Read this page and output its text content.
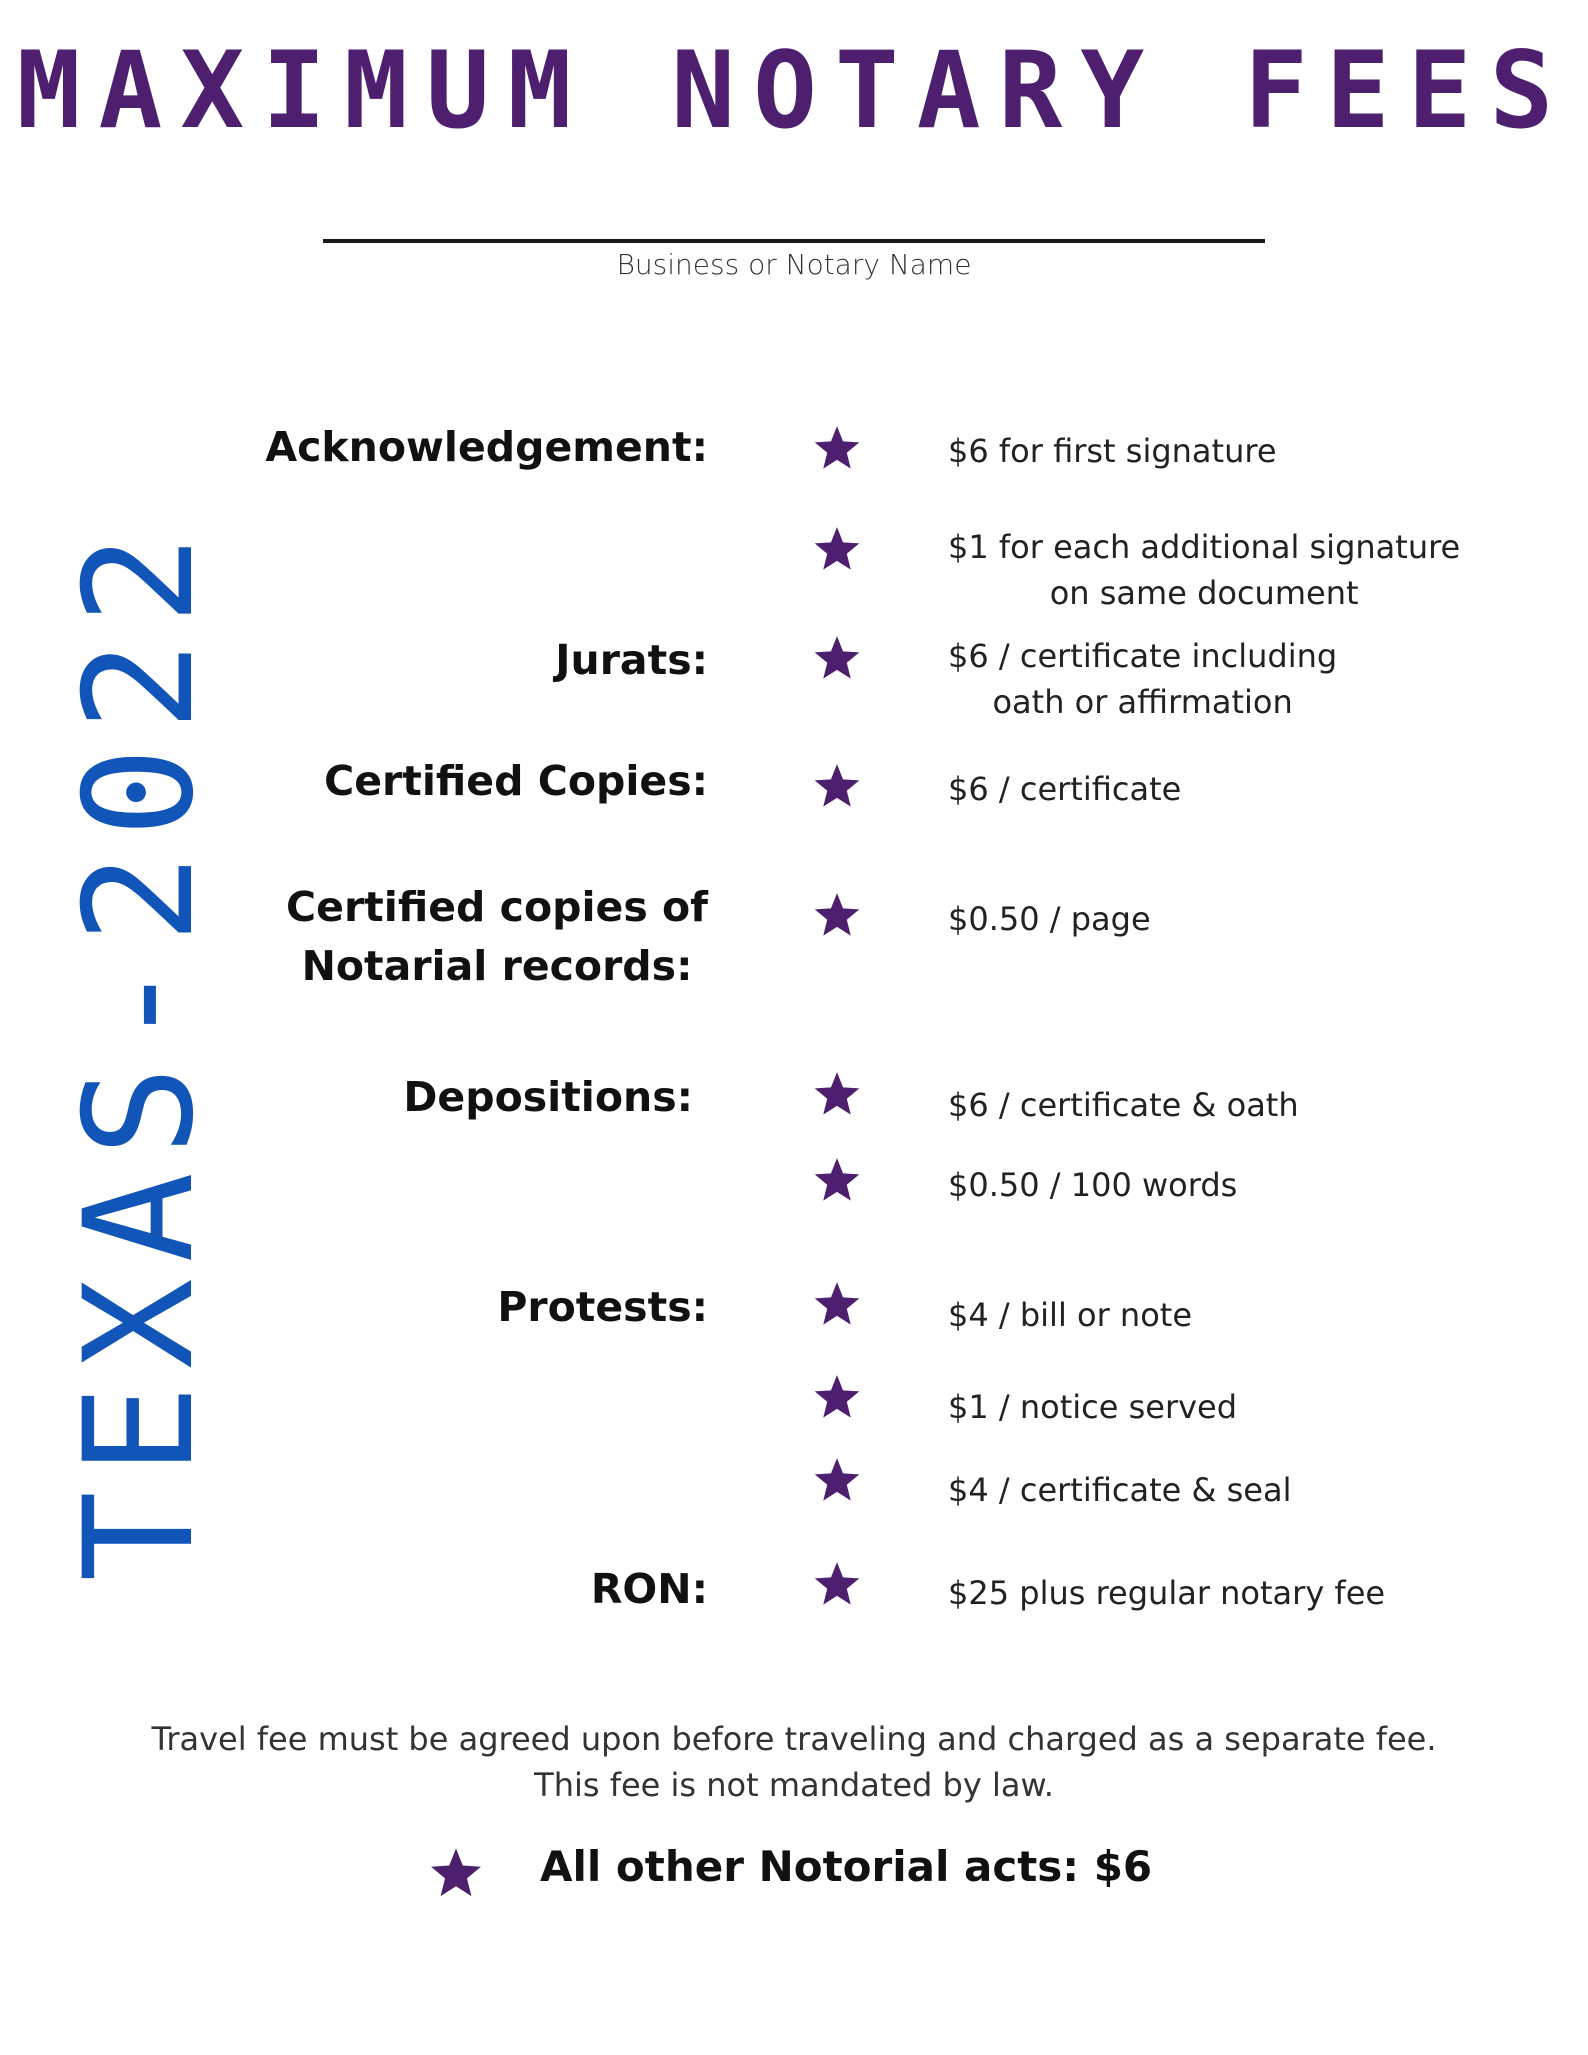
MAXIMUM NOTARY FEES
Business or Notary Name
TEXAS-2022
Acknowledgement:	$6 for first signature
$1 for each additional signature
on same document
Jurats:	$6 / certificate including
oath or affirmation
Certified Copies:	$6 / certificate
Certified copies of
Notarial records:
$0.50 / page
Depositions:	$6 / certificate & oath
$0.50 / 100 words
Protests:	$4 / bill or note
$1 / notice served
$4 / certificate & seal
RON:	$25 plus regular notary fee
Travel fee must be agreed upon before traveling and charged as a separate fee.
This fee is not mandated by law.
All other Notorial acts: $6
